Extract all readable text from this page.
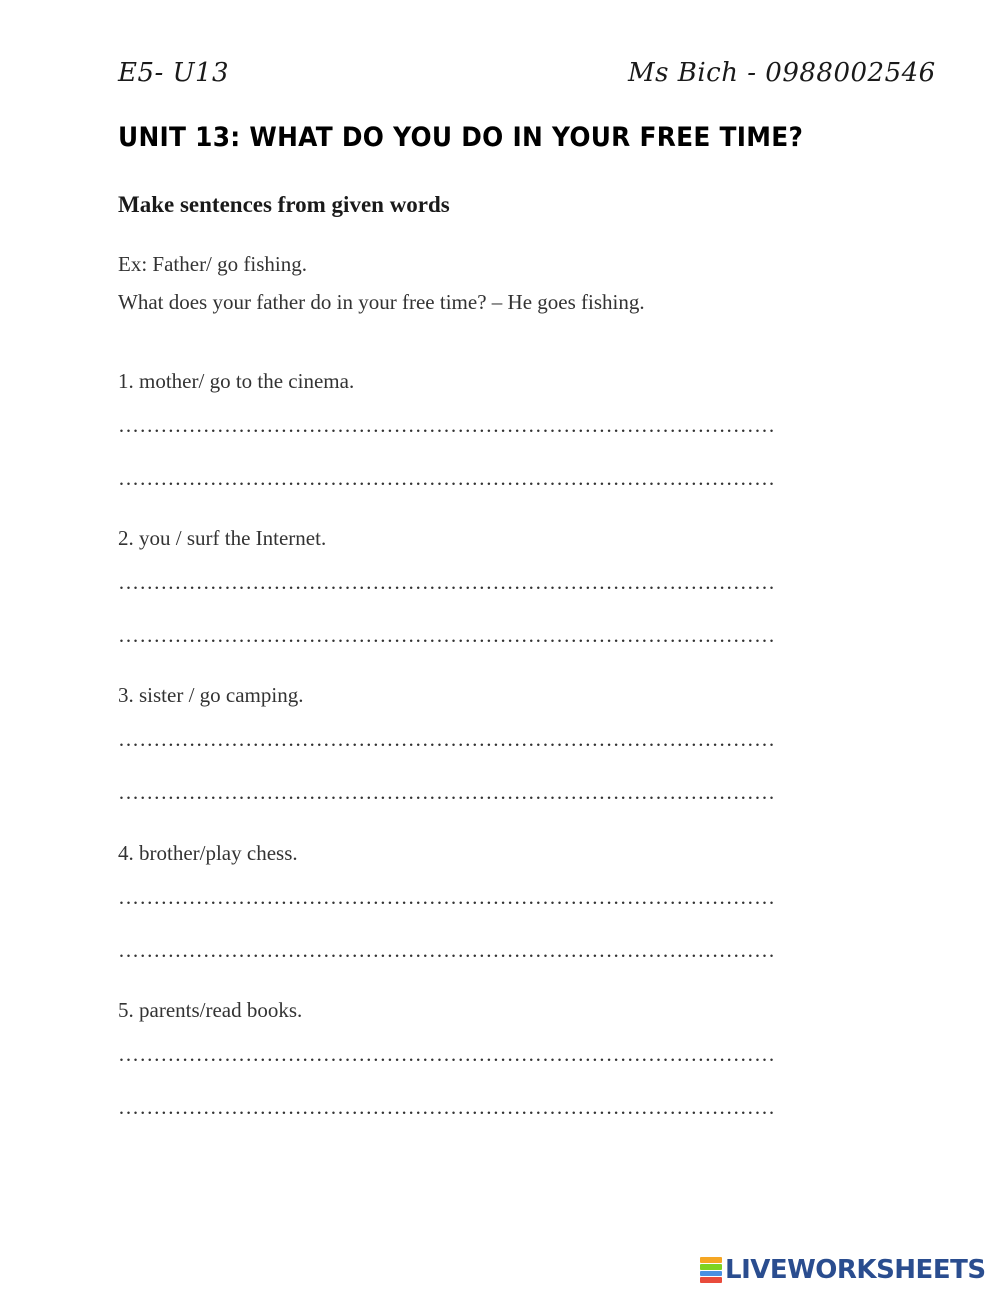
E5- U13	Ms Bich - 0988002546
UNIT 13: WHAT DO YOU DO IN YOUR FREE TIME?
Make sentences from given words
Ex: Father/ go fishing.
What does your father do in your free time? – He goes fishing.
1. mother/ go to the cinema.
…………………………………………………………………………………
…………………………………………………………………………………
2. you / surf the Internet.
…………………………………………………………………………………
…………………………………………………………………………………
3. sister / go camping.
…………………………………………………………………………………
…………………………………………………………………………………
4. brother/play chess.
…………………………………………………………………………………
…………………………………………………………………………………
5. parents/read books.
…………………………………………………………………………………
…………………………………………………………………………………
LIVEWORKSHEETS
